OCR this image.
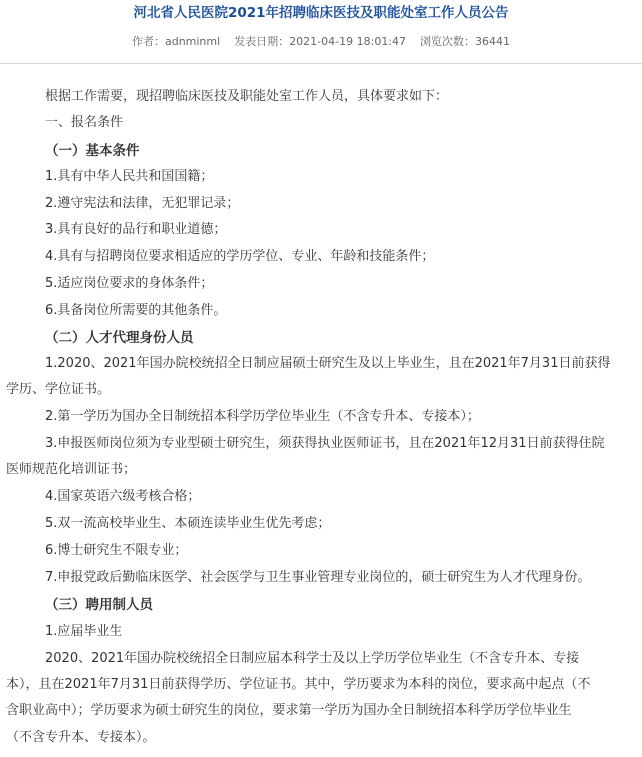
河北省人民医院2021年招聘临床医技及职能处室工作人员公告
作者：adnminml 发表日期：2021-04-19 18:01:47 浏览次数：36441
根据工作需要，现招聘临床医技及职能处室工作人员，具体要求如下：
一、报名条件
（一）基本条件
1.具有中华人民共和国国籍；
2.遵守宪法和法律，无犯罪记录；
3.具有良好的品行和职业道德；
4.具有与招聘岗位要求相适应的学历学位、专业、年龄和技能条件；
5.适应岗位要求的身体条件；
6.具备岗位所需要的其他条件。
（二）人才代理身份人员
1.2020、2021年国办院校统招全日制应届硕士研究生及以上毕业生，且在2021年7月31日前获得
学历、学位证书。
2.第一学历为国办全日制统招本科学历学位毕业生（不含专升本、专接本）；
3.申报医师岗位须为专业型硕士研究生，须获得执业医师证书，且在2021年12月31日前获得住院
医师规范化培训证书；
4.国家英语六级考核合格；
5.双一流高校毕业生、本硕连读毕业生优先考虑；
6.博士研究生不限专业；
7.申报党政后勤临床医学、社会医学与卫生事业管理专业岗位的，硕士研究生为人才代理身份。
（三）聘用制人员
1.应届毕业生
2020、2021年国办院校统招全日制应届本科学士及以上学历学位毕业生（不含专升本、专接
本），且在2021年7月31日前获得学历、学位证书。其中，学历要求为本科的岗位，要求高中起点（不
含职业高中）；学历要求为硕士研究生的岗位，要求第一学历为国办全日制统招本科学历学位毕业生
（不含专升本、专接本）。
